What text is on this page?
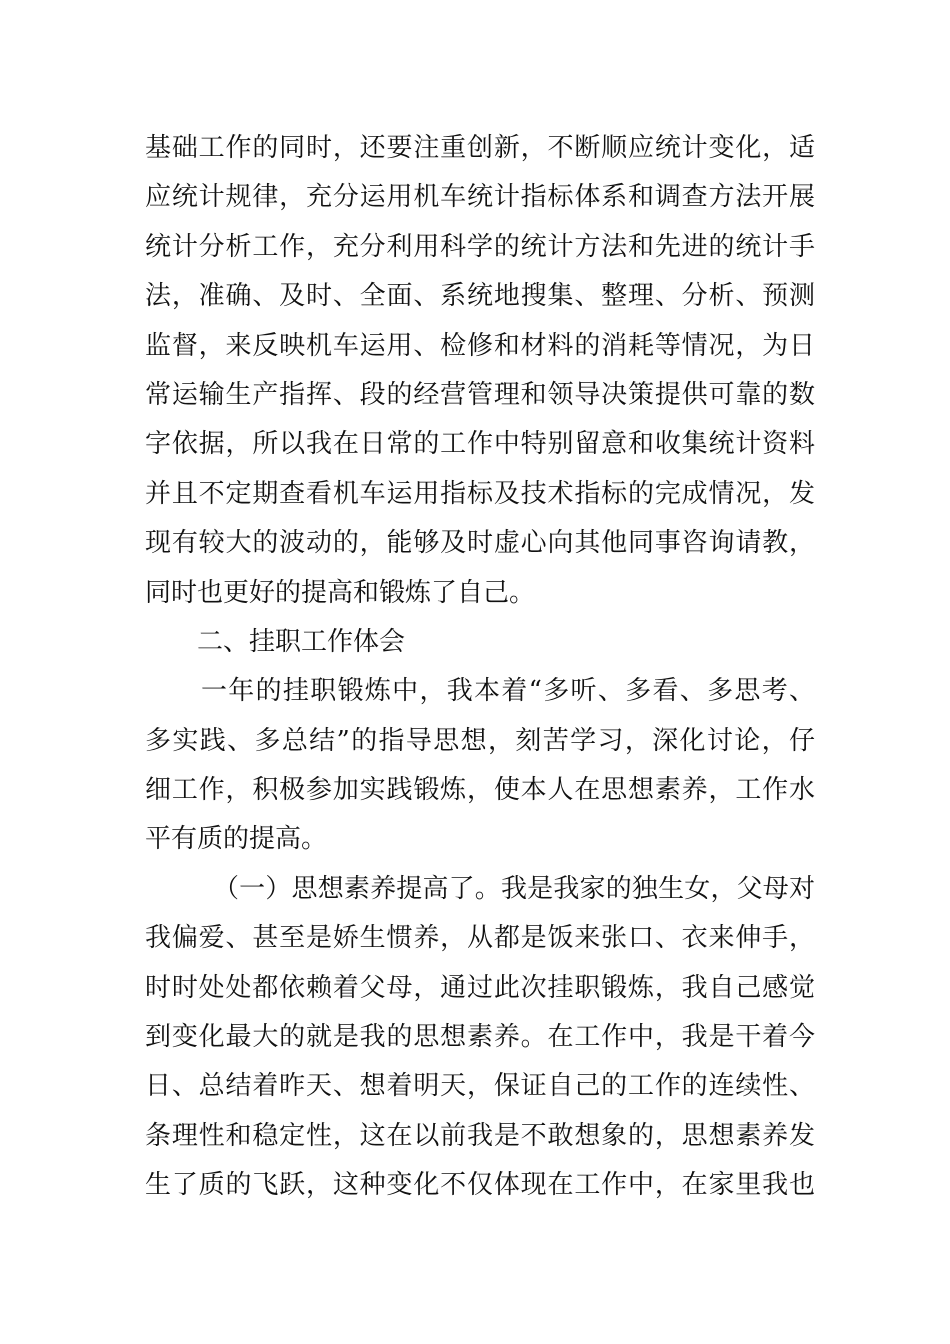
基础工作的同时，还要注重创新，不断顺应统计变化，适
应统计规律，充分运用机车统计指标体系和调查方法开展
统计分析工作，充分利用科学的统计方法和先进的统计手
法，准确、及时、全面、系统地搜集、整理、分析、预测
监督，来反映机车运用、检修和材料的消耗等情况，为日
常运输生产指挥、段的经营管理和领导决策提供可靠的数
字依据，所以我在日常的工作中特别留意和收集统计资料
并且不定期查看机车运用指标及技术指标的完成情况，发
现有较大的波动的，能够及时虚心向其他同事咨询请教，
同时也更好的提高和锻炼了自己。
二、挂职工作体会
一年的挂职锻炼中，我本着“多听、多看、多思考、
多实践、多总结”的指导思想，刻苦学习，深化讨论，仔
细工作，积极参加实践锻炼，使本人在思想素养，工作水
平有质的提高。
（一）思想素养提高了。我是我家的独生女，父母对
我偏爱、甚至是娇生惯养，从都是饭来张口、衣来伸手，
时时处处都依赖着父母，通过此次挂职锻炼，我自己感觉
到变化最大的就是我的思想素养。在工作中，我是干着今
日、总结着昨天、想着明天，保证自己的工作的连续性、
条理性和稳定性，这在以前我是不敢想象的，思想素养发
生了质的飞跃，这种变化不仅体现在工作中，在家里我也
